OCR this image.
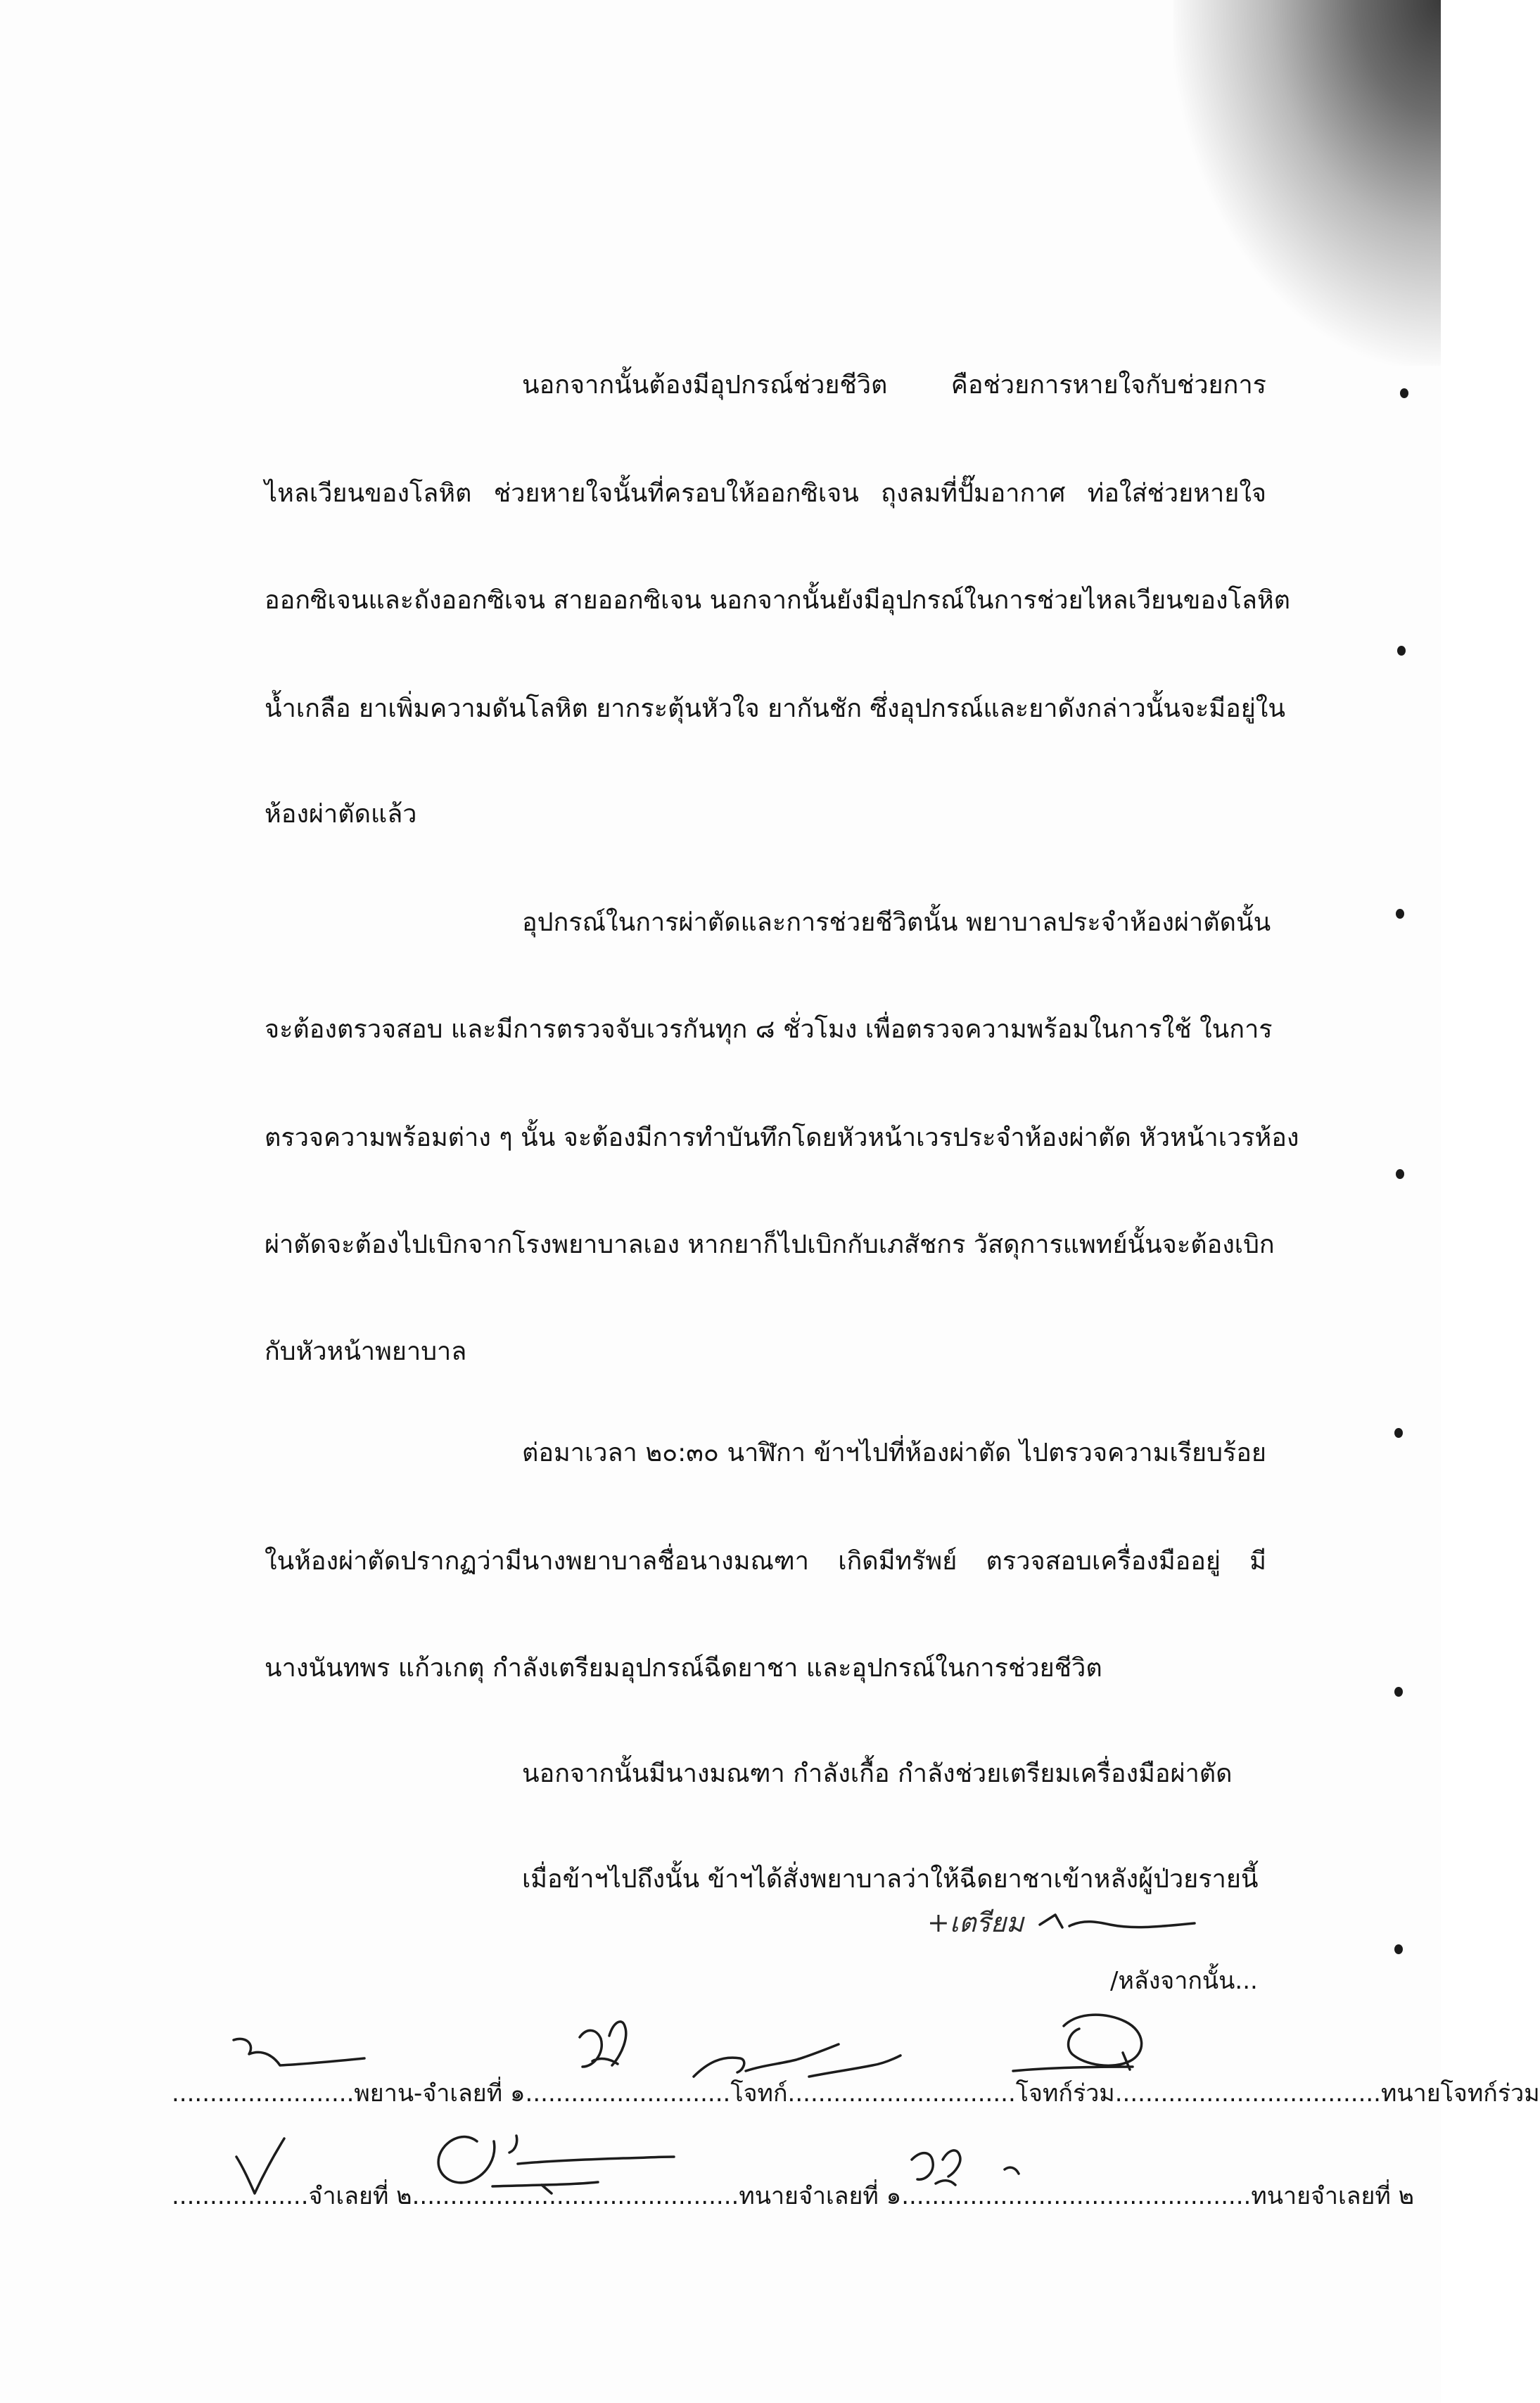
นอกจากนั้นต้องมีอุปกรณ์ช่วยชีวิต คือช่วยการหายใจกับช่วยการ
ไหลเวียนของโลหิต ช่วยหายใจนั้นที่ครอบให้ออกซิเจน ถุงลมที่ปั๊มอากาศ ท่อใส่ช่วยหายใจ
ออกซิเจนและถังออกซิเจน สายออกซิเจน นอกจากนั้นยังมีอุปกรณ์ในการช่วยไหลเวียนของโลหิต
น้ำเกลือ ยาเพิ่มความดันโลหิต ยากระตุ้นหัวใจ ยากันชัก ซึ่งอุปกรณ์และยาดังกล่าวนั้นจะมีอยู่ใน
ห้องผ่าตัดแล้ว
อุปกรณ์ในการผ่าตัดและการช่วยชีวิตนั้น พยาบาลประจำห้องผ่าตัดนั้น
จะต้องตรวจสอบ และมีการตรวจจับเวรกันทุก ๘ ชั่วโมง เพื่อตรวจความพร้อมในการใช้ ในการ
ตรวจความพร้อมต่าง ๆ นั้น จะต้องมีการทำบันทึกโดยหัวหน้าเวรประจำห้องผ่าตัด หัวหน้าเวรห้อง
ผ่าตัดจะต้องไปเบิกจากโรงพยาบาลเอง หากยาก็ไปเบิกกับเภสัชกร วัสดุการแพทย์นั้นจะต้องเบิก
กับหัวหน้าพยาบาล
ต่อมาเวลา ๒๐:๓๐ นาฬิกา ข้าฯไปที่ห้องผ่าตัด ไปตรวจความเรียบร้อย
ในห้องผ่าตัดปรากฏว่ามีนางพยาบาลชื่อนางมณฑา เกิดมีทรัพย์ ตรวจสอบเครื่องมืออยู่ มี
นางนันทพร แก้วเกตุ กำลังเตรียมอุปกรณ์ฉีดยาชา และอุปกรณ์ในการช่วยชีวิต
นอกจากนั้นมีนางมณฑา กำลังเกื้อ กำลังช่วยเตรียมเครื่องมือผ่าตัด
เมื่อข้าฯไปถึงนั้น ข้าฯได้สั่งพยาบาลว่าให้ฉีดยาชาเข้าหลังผู้ป่วยรายนี้
+เตรียม
/หลังจากนั้น...
........................พยาน-จำเลยที่ ๑...........................โจทก์..............................โจทก์ร่วม...................................ทนายโจทก์ร่วม
..................จำเลยที่ ๒...........................................ทนายจำเลยที่ ๑..............................................ทนายจำเลยที่ ๒
